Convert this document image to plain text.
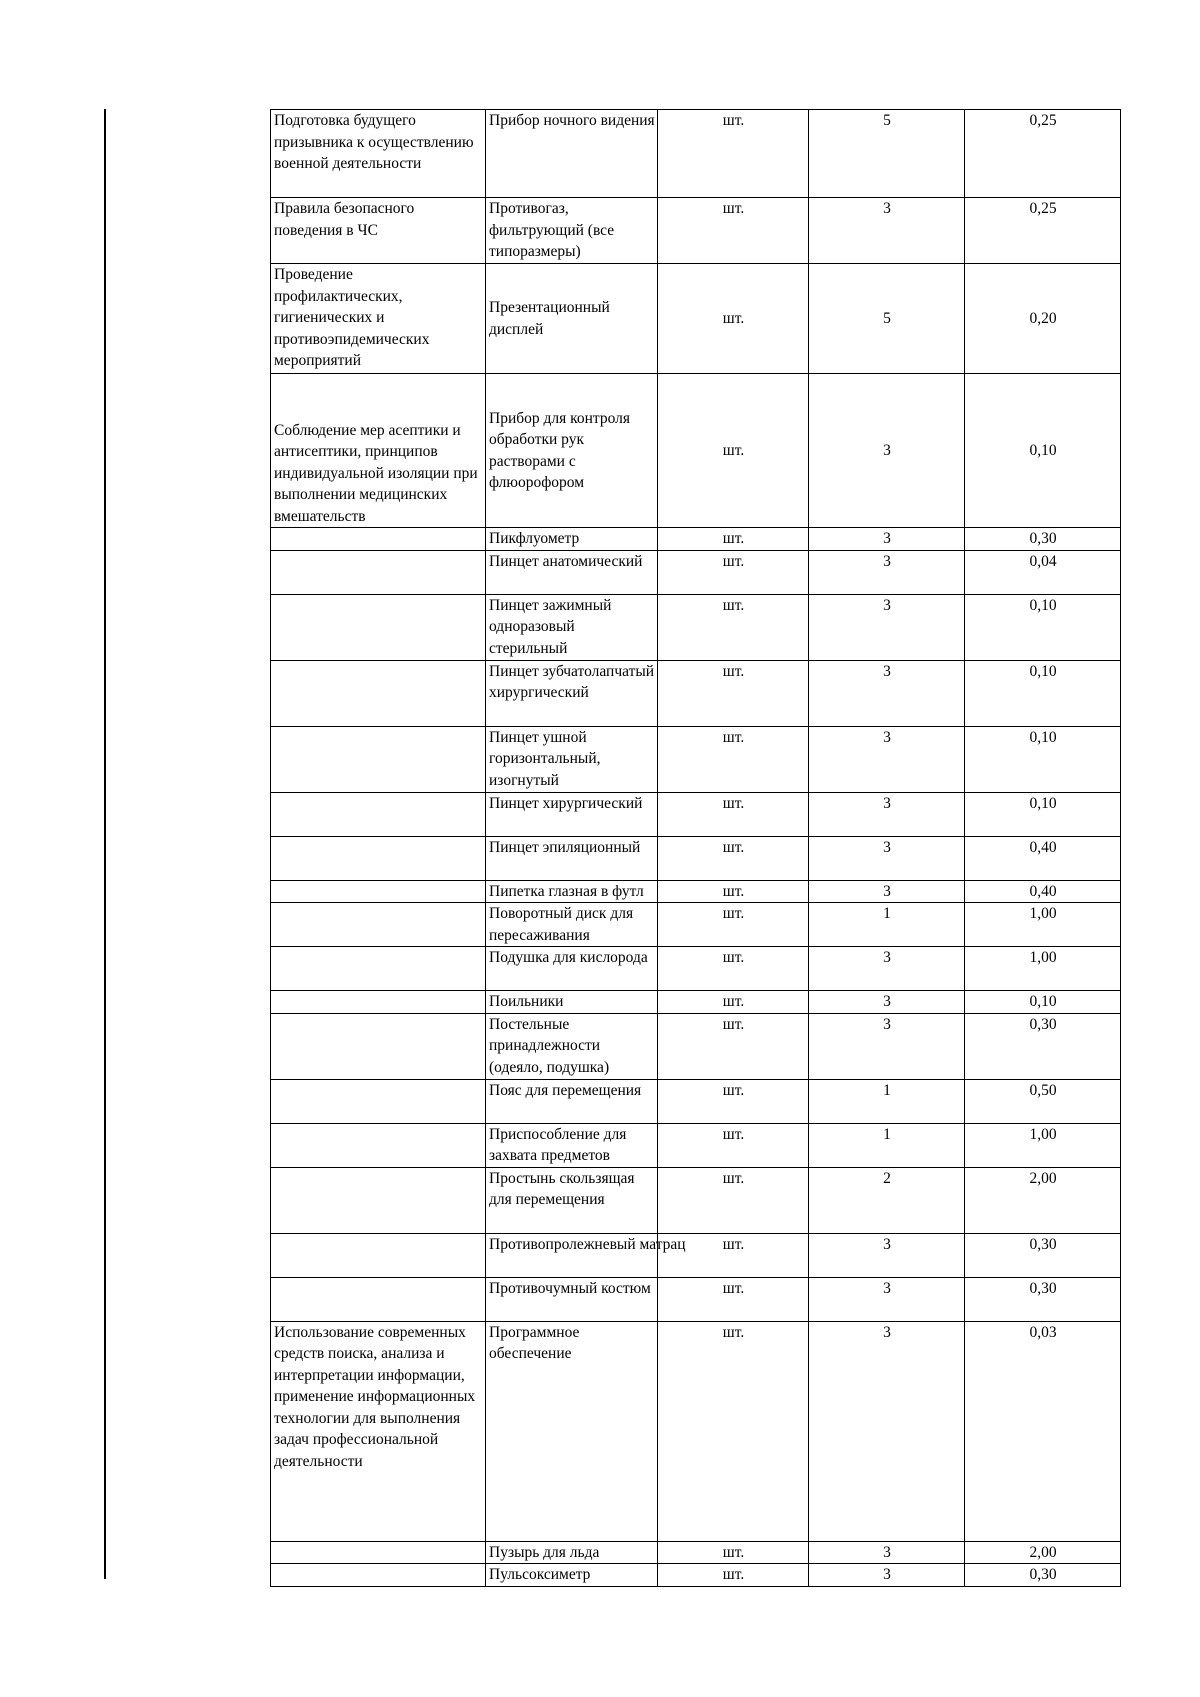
Подготовка будущего призывника к осуществлению военной деятельности	Прибор ночного видения	шт.	5	0,25
Правила безопасного поведения в ЧС	Противогаз, фильтрующий (все типоразмеры)	шт.	3	0,25
Проведение профилактических, гигиенических и противоэпидемических мероприятий	Презентационный дисплей	шт.	5	0,20
Соблюдение мер асептики и антисептики, принципов индивидуальной изоляции при выполнении медицинских вмешательств	Прибор для контроля обработки рук растворами с флюорофором	шт.	3	0,10
	Пикфлуометр	шт.	3	0,30
	Пинцет анатомический	шт.	3	0,04
	Пинцет зажимный одноразовый стерильный	шт.	3	0,10
	Пинцет зубчатолапчатый хирургический	шт.	3	0,10
	Пинцет ушной горизонтальный, изогнутый	шт.	3	0,10
	Пинцет хирургический	шт.	3	0,10
	Пинцет эпиляционный	шт.	3	0,40
	Пипетка глазная в футл	шт.	3	0,40
	Поворотный диск для пересаживания	шт.	1	1,00
	Подушка для кислорода	шт.	3	1,00
	Поильники	шт.	3	0,10
	Постельные принадлежности (одеяло, подушка)	шт.	3	0,30
	Пояс для перемещения	шт.	1	0,50
	Приспособление для захвата предметов	шт.	1	1,00
	Простынь скользящая для перемещения	шт.	2	2,00
	Противопролежневый матрац	шт.	3	0,30
	Противочумный костюм	шт.	3	0,30
Использование современных средств поиска, анализа и интерпретации информации, применение информационных технологии для выполнения задач профессиональной деятельности	Программное обеспечение	шт.	3	0,03
	Пузырь для льда	шт.	3	2,00
	Пульсоксиметр	шт.	3	0,30
